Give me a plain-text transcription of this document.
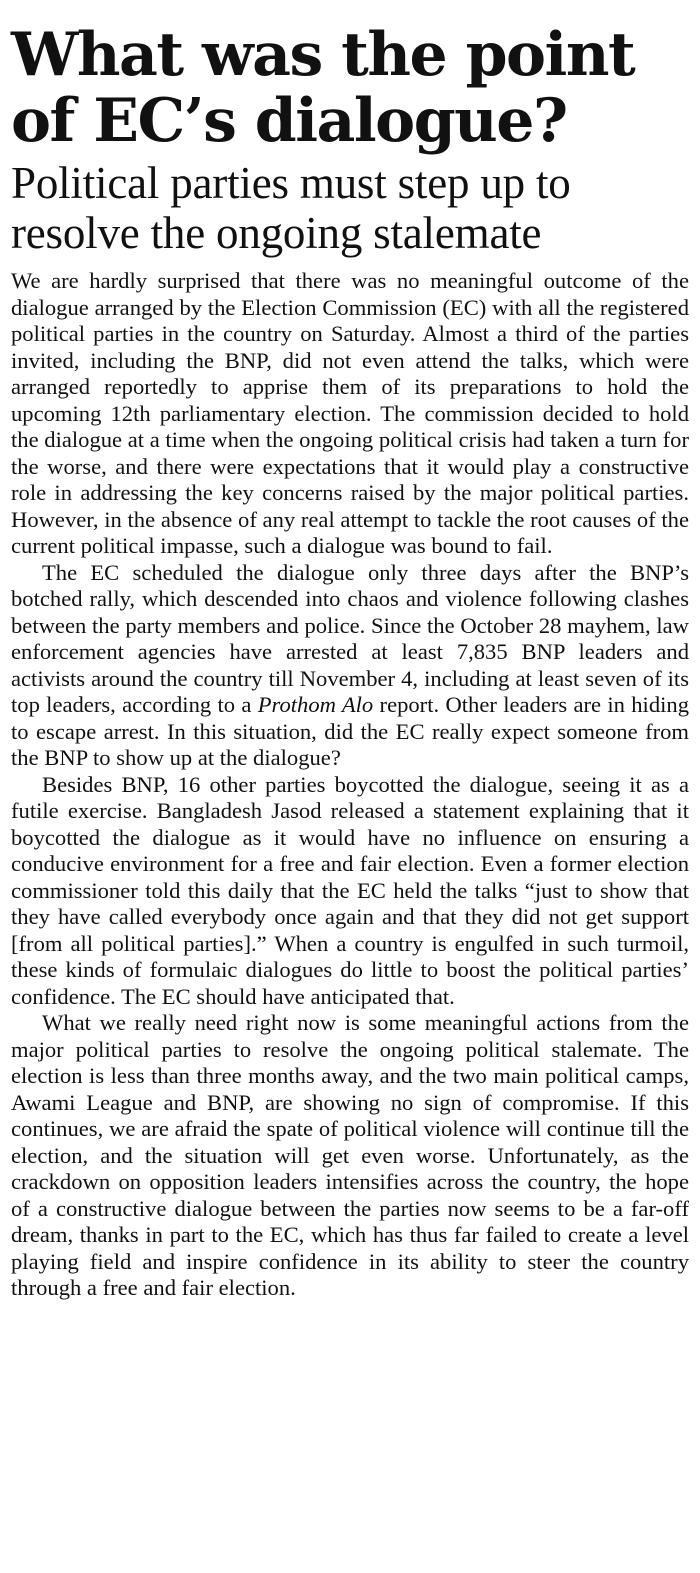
What was the point of EC’s dialogue?
Political parties must step up to resolve the ongoing stalemate

We are hardly surprised that there was no meaningful outcome of the dialogue arranged by the Election Commission (EC) with all the registered political parties in the country on Saturday. Almost a third of the parties invited, including the BNP, did not even attend the talks, which were arranged reportedly to apprise them of its preparations to hold the upcoming 12th parliamentary election. The commission decided to hold the dialogue at a time when the ongoing political crisis had taken a turn for the worse, and there were expectations that it would play a constructive role in addressing the key concerns raised by the major political parties. However, in the absence of any real attempt to tackle the root causes of the current political impasse, such a dialogue was bound to fail.

The EC scheduled the dialogue only three days after the BNP’s botched rally, which descended into chaos and violence following clashes between the party members and police. Since the October 28 mayhem, law enforcement agencies have arrested at least 7,835 BNP leaders and activists around the country till November 4, including at least seven of its top leaders, according to a Prothom Alo report. Other leaders are in hiding to escape arrest. In this situation, did the EC really expect someone from the BNP to show up at the dialogue?

Besides BNP, 16 other parties boycotted the dialogue, seeing it as a futile exercise. Bangladesh Jasod released a statement explaining that it boycotted the dialogue as it would have no influence on ensuring a conducive environment for a free and fair election. Even a former election commissioner told this daily that the EC held the talks “just to show that they have called everybody once again and that they did not get support [from all political parties].” When a country is engulfed in such turmoil, these kinds of formulaic dialogues do little to boost the political parties’ confidence. The EC should have anticipated that.

What we really need right now is some meaningful actions from the major political parties to resolve the ongoing political stalemate. The election is less than three months away, and the two main political camps, Awami League and BNP, are showing no sign of compromise. If this continues, we are afraid the spate of political violence will continue till the election, and the situation will get even worse. Unfortunately, as the crackdown on opposition leaders intensifies across the country, the hope of a constructive dialogue between the parties now seems to be a far-off dream, thanks in part to the EC, which has thus far failed to create a level playing field and inspire confidence in its ability to steer the country through a free and fair election.
